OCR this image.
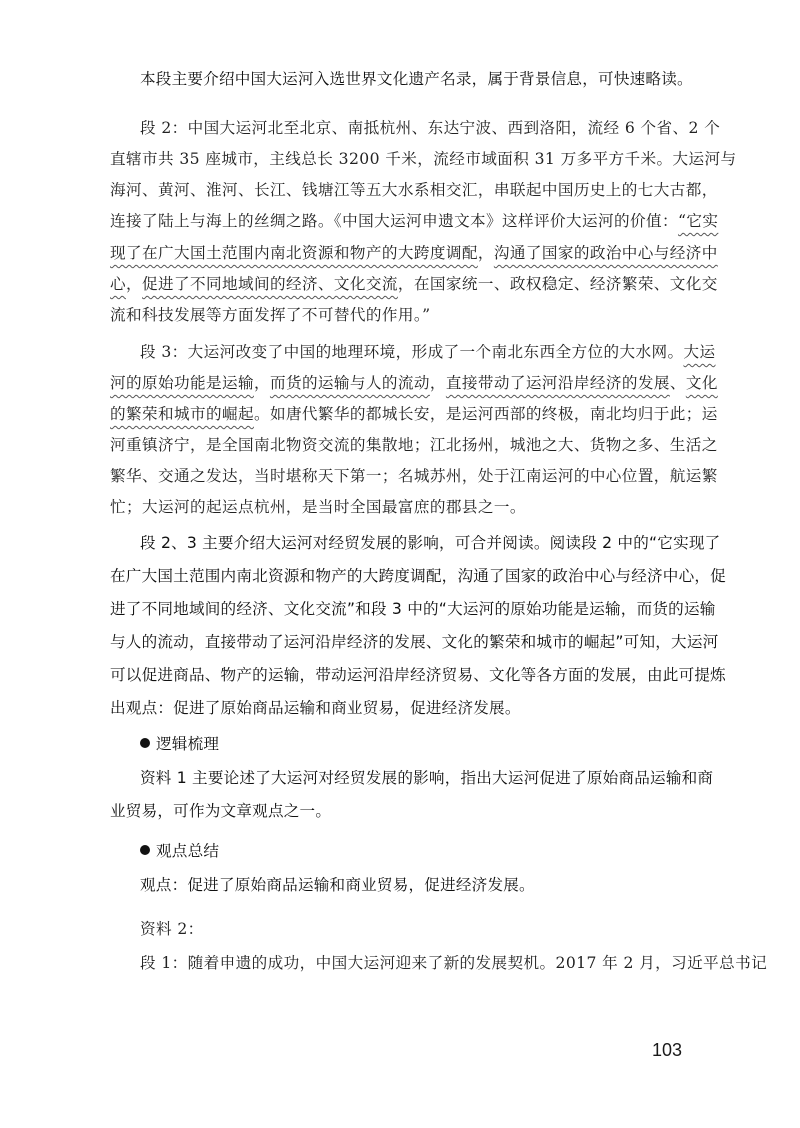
本段主要介绍中国大运河入选世界文化遗产名录，属于背景信息，可快速略读。
段 2：中国大运河北至北京、南抵杭州、东达宁波、西到洛阳，流经 6 个省、2 个
直辖市共 35 座城市，主线总长 3200 千米，流经市域面积 31 万多平方千米。大运河与
海河、黄河、淮河、长江、钱塘江等五大水系相交汇，串联起中国历史上的七大古都，
连接了陆上与海上的丝绸之路。《中国大运河申遗文本》这样评价大运河的价值：“它实
现了在广大国土范围内南北资源和物产的大跨度调配，沟通了国家的政治中心与经济中
心，促进了不同地域间的经济、文化交流，在国家统一、政权稳定、经济繁荣、文化交
流和科技发展等方面发挥了不可替代的作用。”
段 3：大运河改变了中国的地理环境，形成了一个南北东西全方位的大水网。大运
河的原始功能是运输，而货的运输与人的流动，直接带动了运河沿岸经济的发展、文化
的繁荣和城市的崛起。如唐代繁华的都城长安，是运河西部的终极，南北均归于此；运
河重镇济宁，是全国南北物资交流的集散地；江北扬州，城池之大、货物之多、生活之
繁华、交通之发达，当时堪称天下第一；名城苏州，处于江南运河的中心位置，航运繁
忙；大运河的起运点杭州，是当时全国最富庶的郡县之一。
段 2、3 主要介绍大运河对经贸发展的影响，可合并阅读。阅读段 2 中的“它实现了
在广大国土范围内南北资源和物产的大跨度调配，沟通了国家的政治中心与经济中心，促
进了不同地域间的经济、文化交流”和段 3 中的“大运河的原始功能是运输，而货的运输
与人的流动，直接带动了运河沿岸经济的发展、文化的繁荣和城市的崛起”可知，大运河
可以促进商品、物产的运输，带动运河沿岸经济贸易、文化等各方面的发展，由此可提炼
出观点：促进了原始商品运输和商业贸易，促进经济发展。
逻辑梳理
资料 1 主要论述了大运河对经贸发展的影响，指出大运河促进了原始商品运输和商
业贸易，可作为文章观点之一。
观点总结
观点：促进了原始商品运输和商业贸易，促进经济发展。
资料 2：
段 1：随着申遗的成功，中国大运河迎来了新的发展契机。2017 年 2 月，习近平总书记
103
